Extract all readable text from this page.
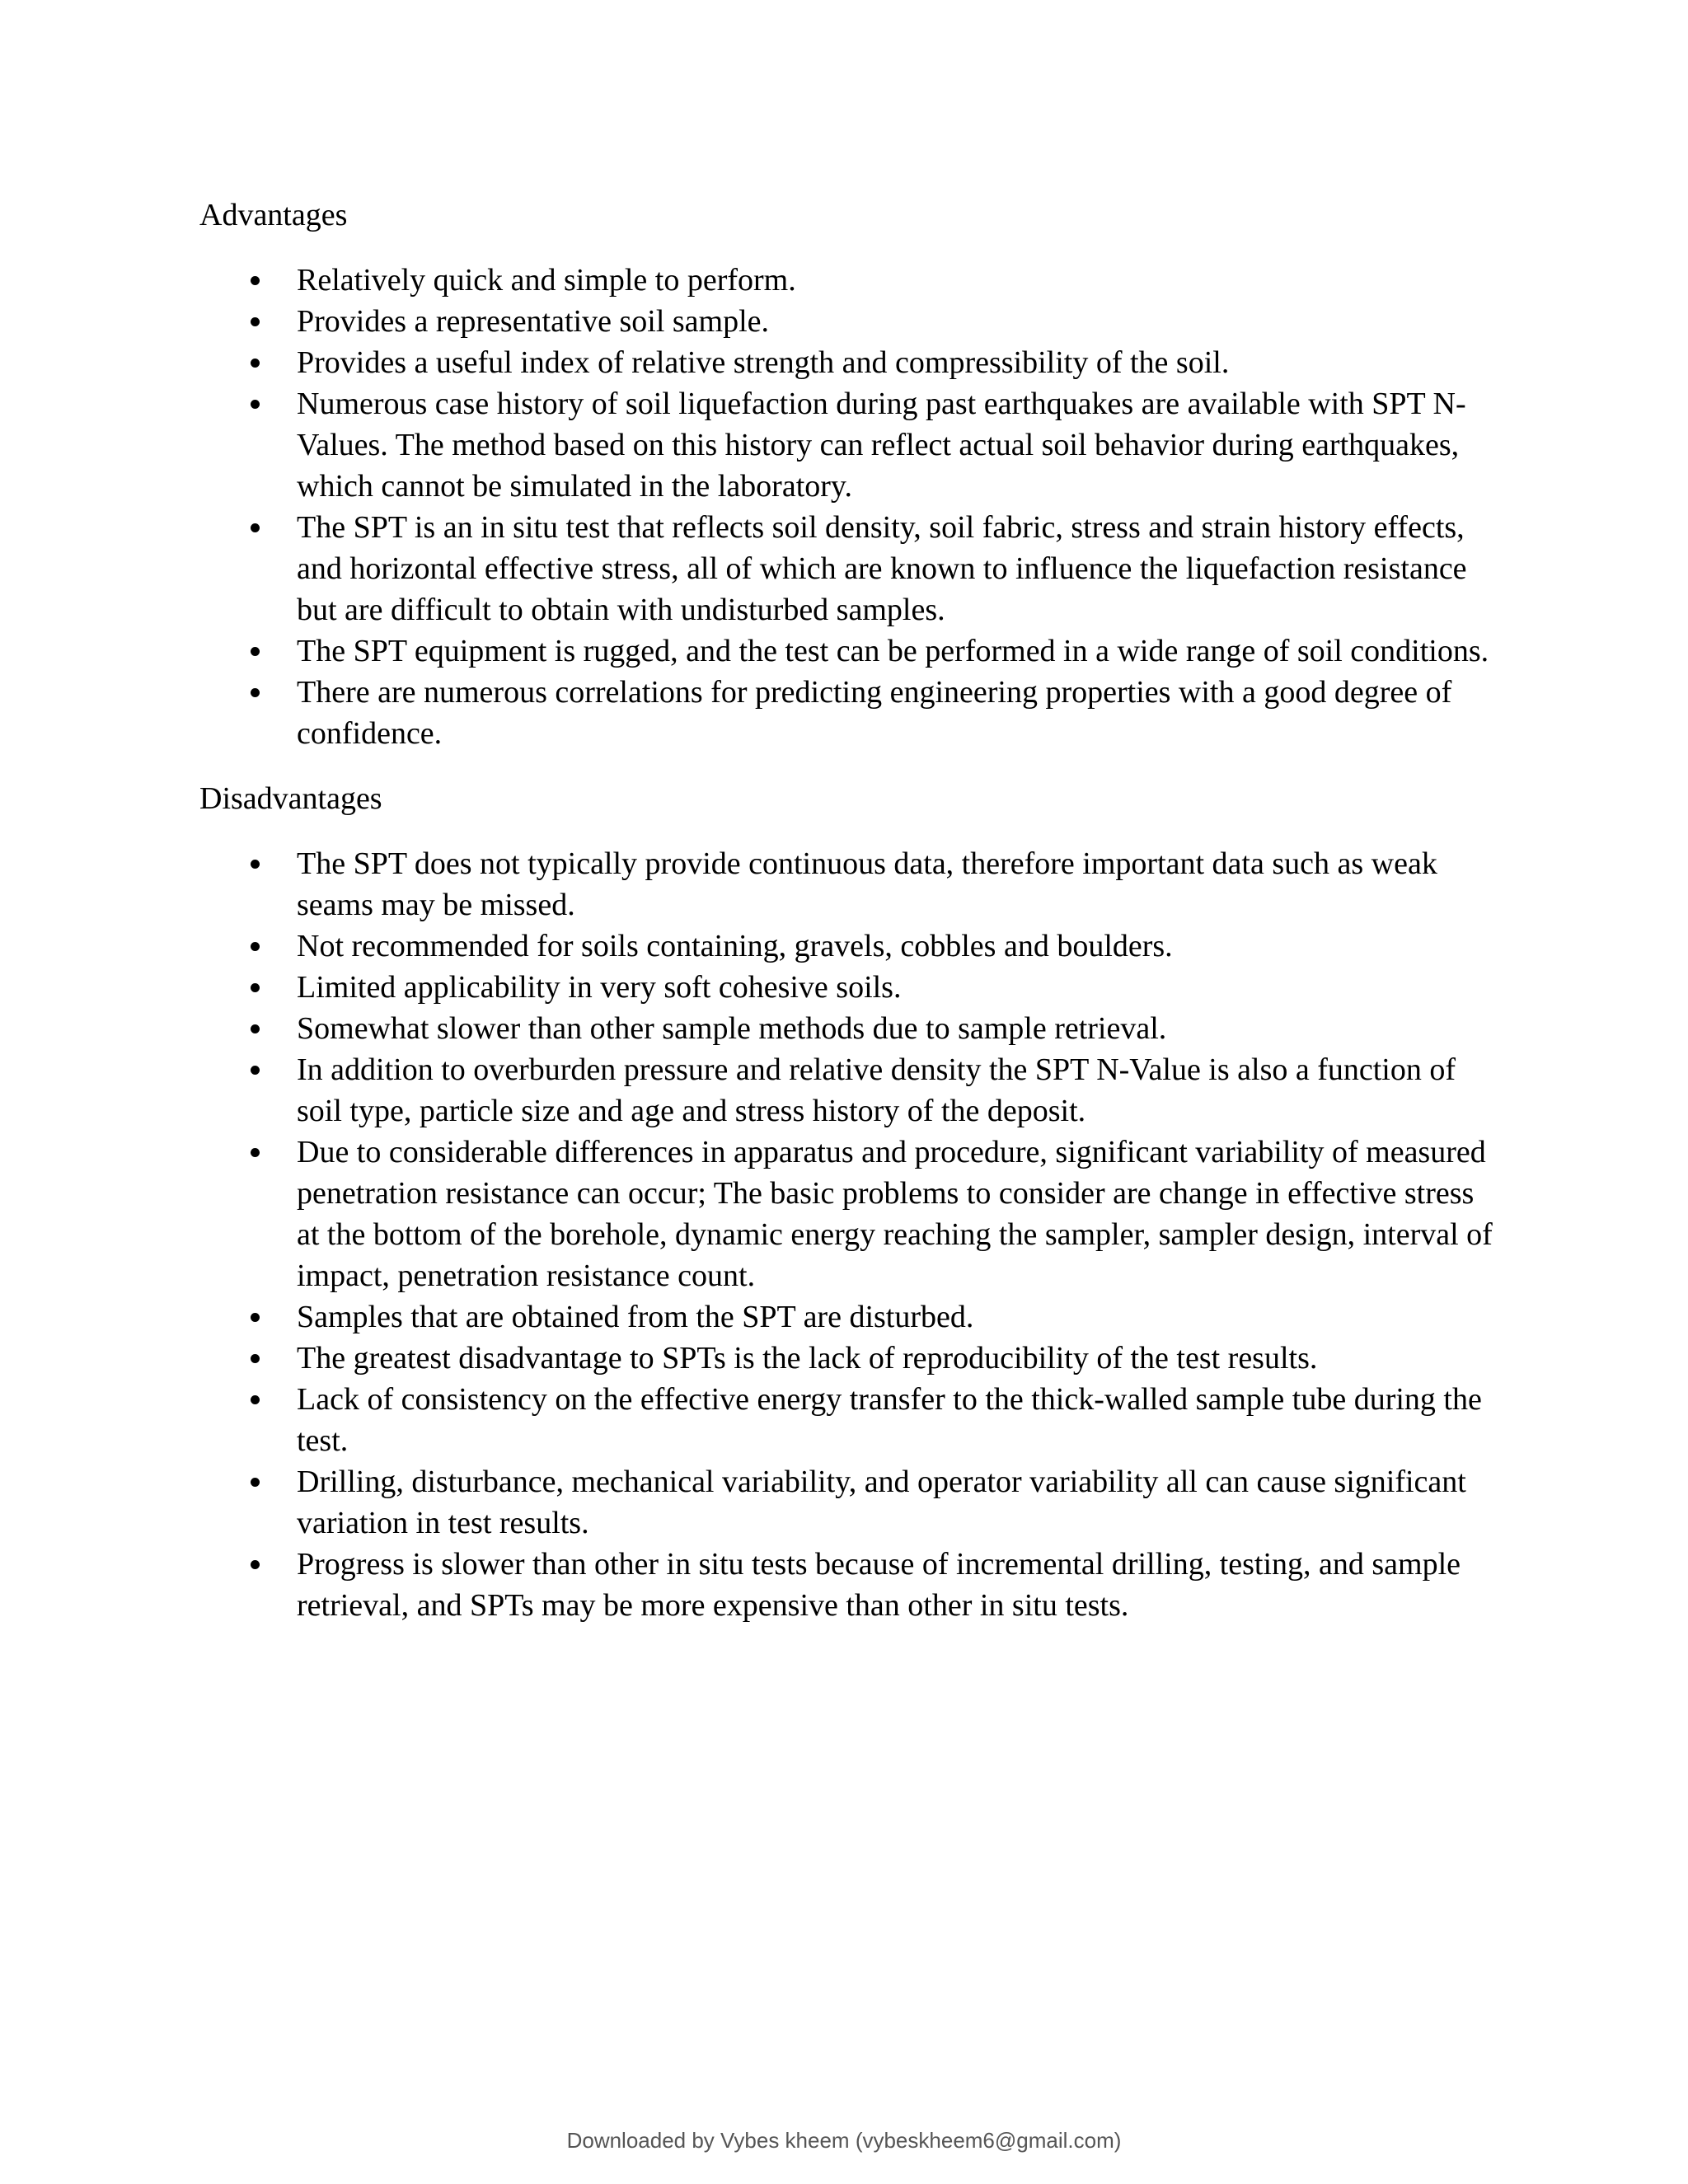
Advantages

Relatively quick and simple to perform.
Provides a representative soil sample.
Provides a useful index of relative strength and compressibility of the soil.
Numerous case history of soil liquefaction during past earthquakes are available with SPT N-Values. The method based on this history can reflect actual soil behavior during earthquakes, which cannot be simulated in the laboratory.
The SPT is an in situ test that reflects soil density, soil fabric, stress and strain history effects, and horizontal effective stress, all of which are known to influence the liquefaction resistance but are difficult to obtain with undisturbed samples.
The SPT equipment is rugged, and the test can be performed in a wide range of soil conditions.
There are numerous correlations for predicting engineering properties with a good degree of confidence.

Disadvantages

The SPT does not typically provide continuous data, therefore important data such as weak seams may be missed.
Not recommended for soils containing, gravels, cobbles and boulders.
Limited applicability in very soft cohesive soils.
Somewhat slower than other sample methods due to sample retrieval.
In addition to overburden pressure and relative density the SPT N-Value is also a function of soil type, particle size and age and stress history of the deposit.
Due to considerable differences in apparatus and procedure, significant variability of measured penetration resistance can occur; The basic problems to consider are change in effective stress at the bottom of the borehole, dynamic energy reaching the sampler, sampler design, interval of impact, penetration resistance count.
Samples that are obtained from the SPT are disturbed.
The greatest disadvantage to SPTs is the lack of reproducibility of the test results.
Lack of consistency on the effective energy transfer to the thick-walled sample tube during the test.
Drilling, disturbance, mechanical variability, and operator variability all can cause significant variation in test results.
Progress is slower than other in situ tests because of incremental drilling, testing, and sample retrieval, and SPTs may be more expensive than other in situ tests.
Downloaded by Vybes kheem (vybeskheem6@gmail.com)
